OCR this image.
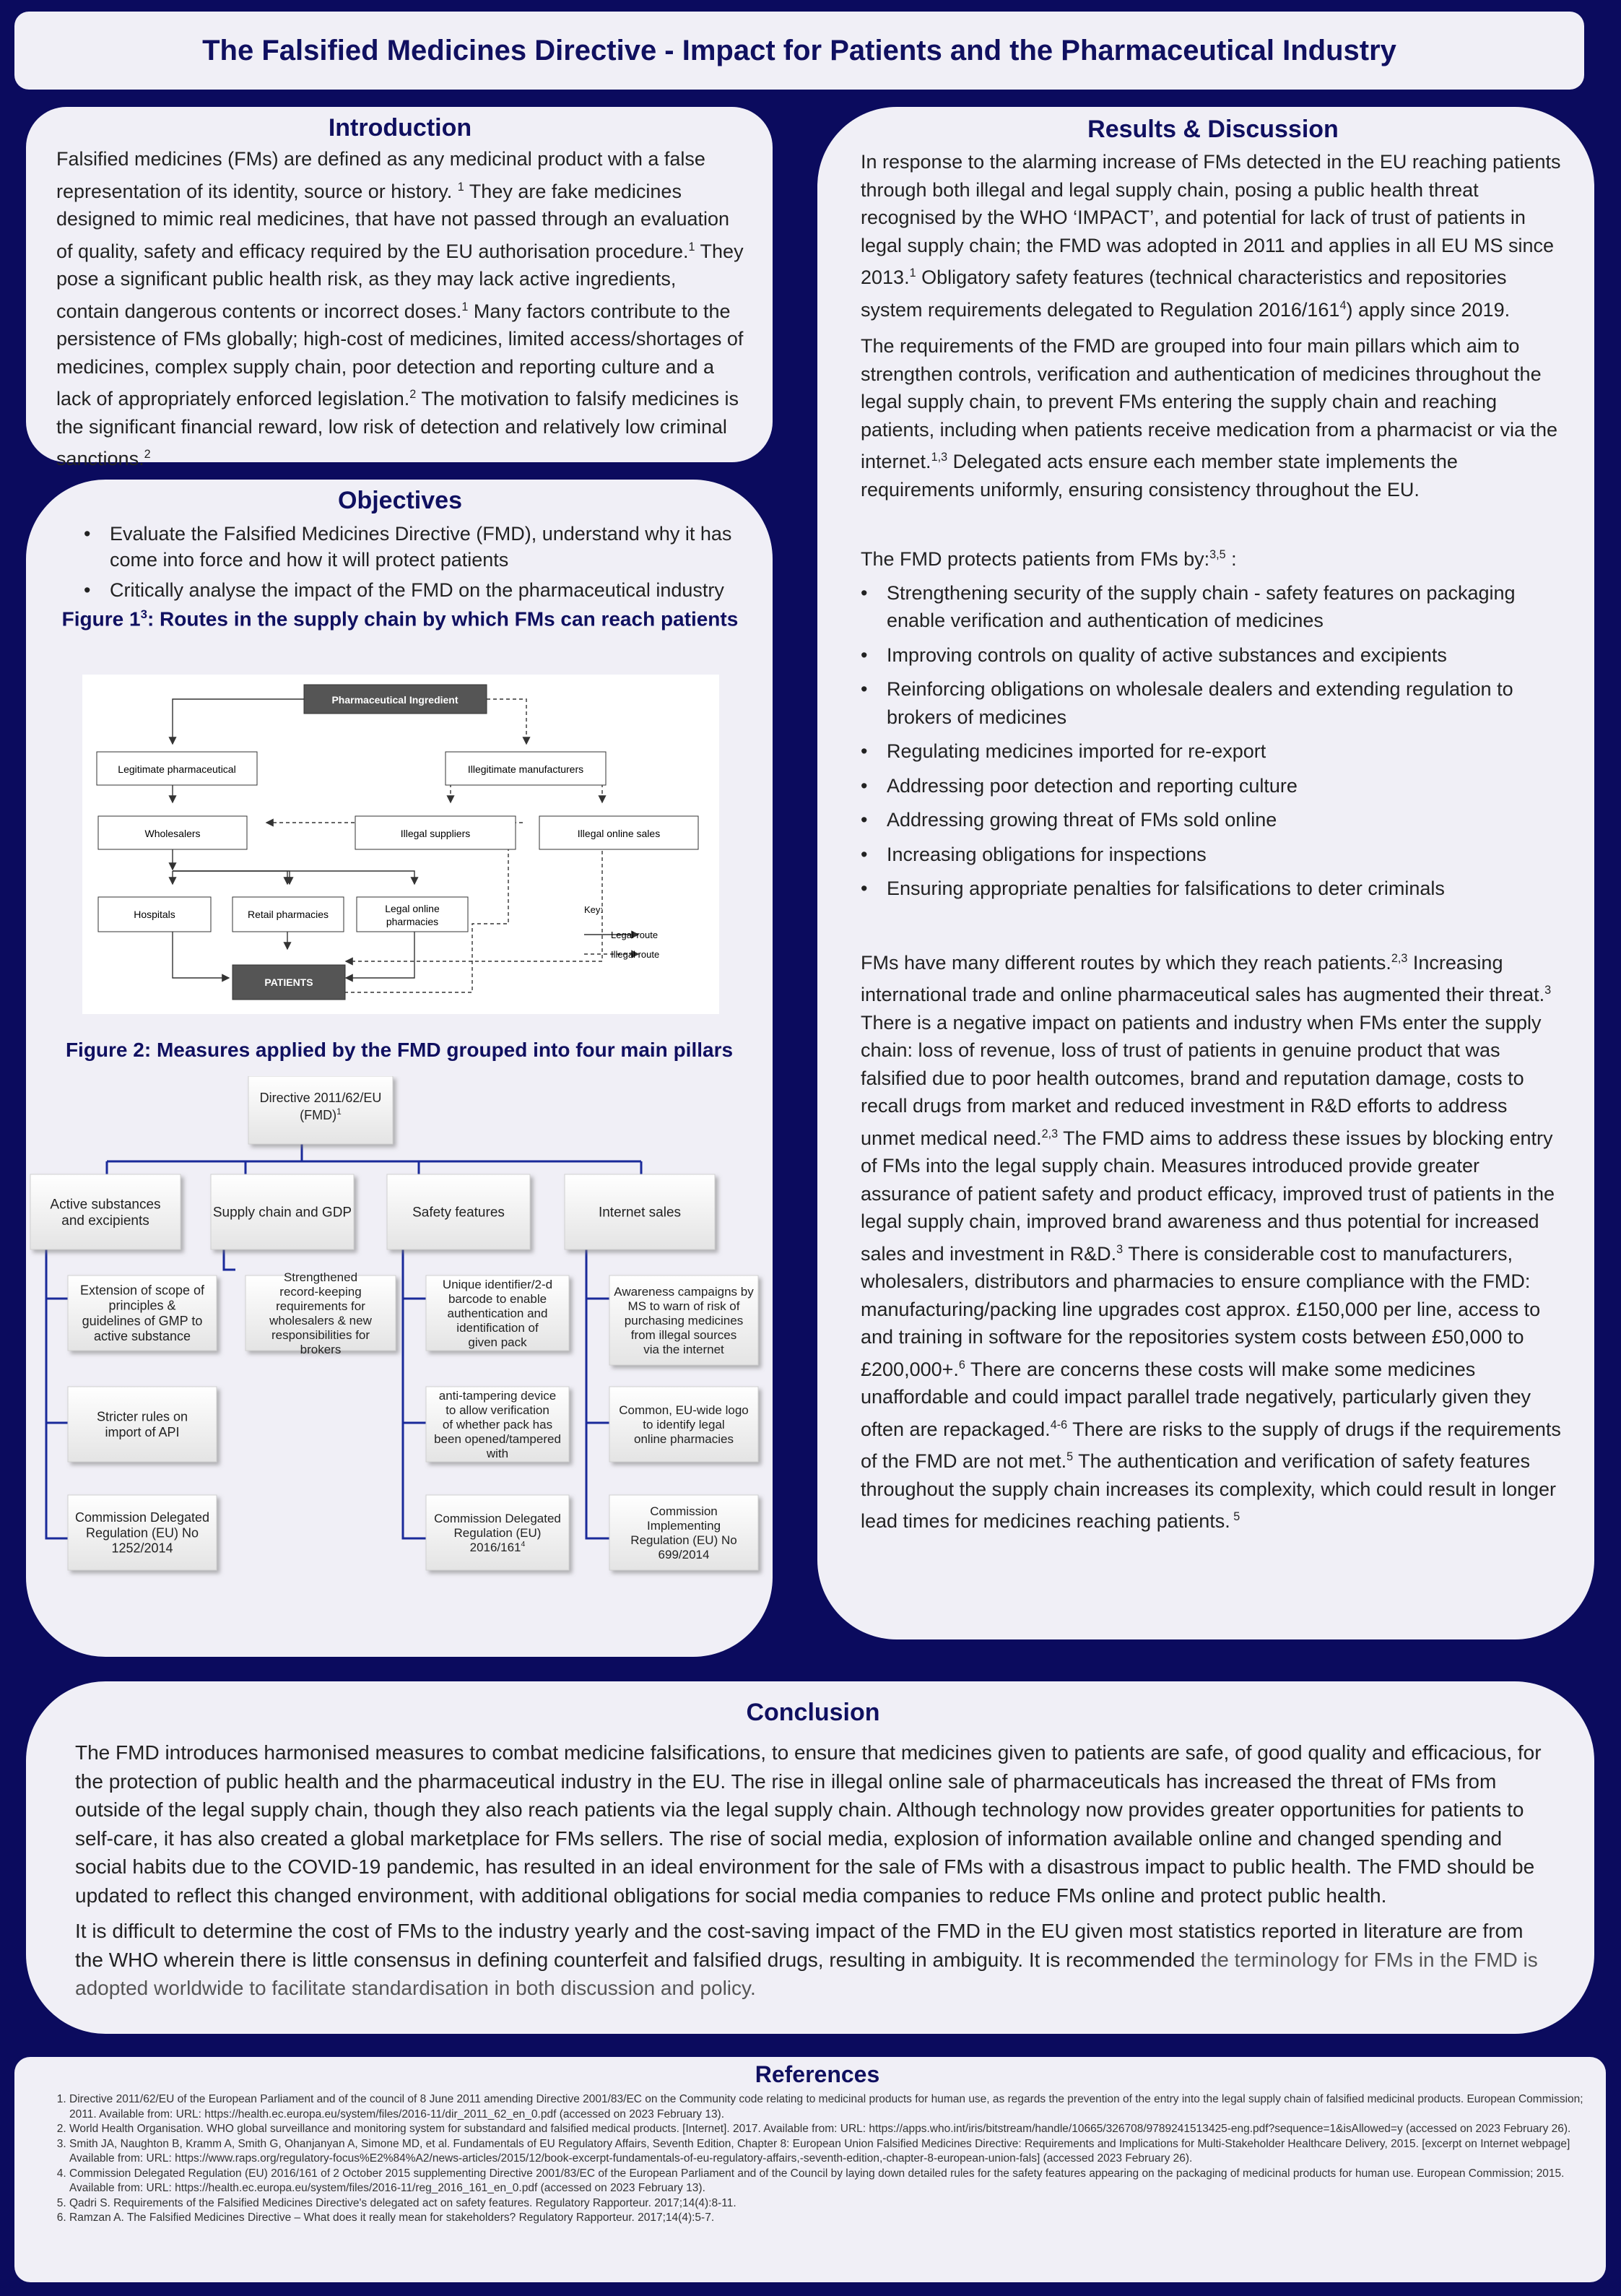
The Falsified Medicines Directive - Impact for Patients and the Pharmaceutical Industry
Introduction

Falsified medicines (FMs) are defined as any medicinal product with a false representation of its identity, source or history. $^1$ They are fake medicines designed to mimic real medicines, that have not passed through an evaluation of quality, safety and efficacy required by the EU authorisation procedure.$^1$ They pose a significant public health risk, as they may lack active ingredients, contain dangerous contents or incorrect doses.$^1$ Many factors contribute to the persistence of FMs globally; high-cost of medicines, limited access/shortages of medicines, complex supply chain, poor detection and reporting culture and a lack of appropriately enforced legislation.$^2$ The motivation to falsify medicines is the significant financial reward, low risk of detection and relatively low criminal sanctions.$^2$

Objectives
• Evaluate the Falsified Medicines Directive (FMD), understand why it has come into force and how it will protect patients
• Critically analyse the impact of the FMD on the pharmaceutical industry
Figure $1^3$: Routes in the supply chain by which FMs can reach patients
Figure 2: Measures applied by the FMD grouped into four main pillars
Pharmaceutical Ingredient
Legitimate pharmaceutical	Illegitimate manufacturers
Wholesalers	Illegal suppliers	Illegal online sales
Hospitals	Retail pharmacies	Legal online
pharmacies
PATIENTS
Key:
Legal route
Illegal route
Directive 2011/62/EU
(FMD)$^1$
Active substances and excipients
Supply chain and GDP	Safety features	Internet sales
Extension of scope of principles & guidelines of GMP to active substance
Stricter rules on import of API
Commission Delegated Regulation (EU) No 1252/2014
Strengthened record-keeping requirements for wholesalers & new responsibilities for brokers
Unique identifier/2-d barcode to enable authentication and identification of given pack
anti-tampering device to allow verification of whether pack has been opened/tampered with
Commission Delegated Regulation (EU) $2016/161^4$
Awareness campaigns by MS to warn of risk of purchasing medicines from illegal sources via the internet
Common, EU-wide logo to identify legal online pharmacies
Commission Implementing Regulation (EU) No 699/2014
Results & Discussion

In response to the alarming increase of FMs detected in the EU reaching patients through both illegal and legal supply chain, posing a public health threat recognised by the WHO ‘IMPACT’, and potential for lack of trust of patients in legal supply chain; the FMD was adopted in 2011 and applies in all EU MS since 2013.$^1$ Obligatory safety features (technical characteristics and repositories system requirements delegated to Regulation $2016/161^4$) apply since 2019.

The requirements of the FMD are grouped into four main pillars which aim to strengthen controls, verification and authentication of medicines throughout the legal supply chain, to prevent FMs entering the supply chain and reaching patients, including when patients receive medication from a pharmacist or via the internet.$^{1,3}$ Delegated acts ensure each member state implements the requirements uniformly, ensuring consistency throughout the EU.

The FMD protects patients from FMs by:$^{3,5}$ :

• Strengthening security of the supply chain - safety features on packaging enable verification and authentication of medicines
• Improving controls on quality of active substances and excipients
• Reinforcing obligations on wholesale dealers and extending regulation to brokers of medicines
• Regulating medicines imported for re-export
• Addressing poor detection and reporting culture
• Addressing growing threat of FMs sold online
• Increasing obligations for inspections
• Ensuring appropriate penalties for falsifications to deter criminals

FMs have many different routes by which they reach patients.$^{2,3}$ Increasing international trade and online pharmaceutical sales has augmented their threat.$^3$ There is a negative impact on patients and industry when FMs enter the supply chain: loss of revenue, loss of trust of patients in genuine product that was falsified due to poor health outcomes, brand and reputation damage, costs to recall drugs from market and reduced investment in R&D efforts to address unmet medical need.$^{2,3}$ The FMD aims to address these issues by blocking entry of FMs into the legal supply chain. Measures introduced provide greater assurance of patient safety and product efficacy, improved trust of patients in the legal supply chain, improved brand awareness and thus potential for increased sales and investment in R&D.$^3$ There is considerable cost to manufacturers, wholesalers, distributors and pharmacies to ensure compliance with the FMD: manufacturing/packing line upgrades cost approx. £150,000 per line, access to and training in software for the repositories system costs between £50,000 to £200,000+.$^6$ There are concerns these costs will make some medicines unaffordable and could impact parallel trade negatively, particularly given they often are repackaged.$^{4-6}$ There are risks to the supply of drugs if the requirements of the FMD are not met.$^5$ The authentication and verification of safety features throughout the supply chain increases its complexity, which could result in longer lead times for medicines reaching patients. $^5$

Conclusion

The FMD introduces harmonised measures to combat medicine falsifications, to ensure that medicines given to patients are safe, of good quality and efficacious, for the protection of public health and the pharmaceutical industry in the EU. The rise in illegal online sale of pharmaceuticals has increased the threat of FMs from outside of the legal supply chain, though they also reach patients via the legal supply chain. Although technology now provides greater opportunities for patients to self-care, it has also created a global marketplace for FMs sellers. The rise of social media, explosion of information available online and changed spending and social habits due to the COVID-19 pandemic, has resulted in an ideal environment for the sale of FMs with a disastrous impact to public health. The FMD should be updated to reflect this changed environment, with additional obligations for social media companies to reduce FMs online and protect public health.

It is difficult to determine the cost of FMs to the industry yearly and the cost-saving impact of the FMD in the EU given most statistics reported in literature are from the WHO wherein there is little consensus in defining counterfeit and falsified drugs, resulting in ambiguity. It is recommended the terminology for FMs in the FMD is adopted worldwide to facilitate standardisation in both discussion and policy.

References
1. Directive 2011/62/EU of the European Parliament and of the council of 8 June 2011 amending Directive 2001/83/EC on the Community code relating to medicinal products for human use, as regards the prevention of the entry into the legal supply chain of falsified medicinal products. European Commission; 2011. Available from: URL: https://health.ec.europa.eu/system/files/2016-11/dir_2011_62_en_0.pdf (accessed on 2023 February 13).
2. World Health Organisation. WHO global surveillance and monitoring system for substandard and falsified medical products. [Internet]. 2017. Available from: URL: https://apps.who.int/iris/bitstream/handle/10665/326708/9789241513425-eng.pdf?sequence=1&isAllowed=y (accessed on 2023 February 26).
3. Smith JA, Naughton B, Kramm A, Smith G, Ohanjanyan A, Simone MD, et al. Fundamentals of EU Regulatory Affairs, Seventh Edition, Chapter 8: European Union Falsified Medicines Directive: Requirements and Implications for Multi-Stakeholder Healthcare Delivery, 2015. [excerpt on Internet webpage] Available from: URL: https://www.raps.org/regulatory-focus%E2%84%A2/news-articles/2015/12/book-excerpt-fundamentals-of-eu-regulatory-affairs,-seventh-edition,-chapter-8-european-union-fals] (accessed 2023 February 26).
4. Commission Delegated Regulation (EU) 2016/161 of 2 October 2015 supplementing Directive 2001/83/EC of the European Parliament and of the Council by laying down detailed rules for the safety features appearing on the packaging of medicinal products for human use. European Commission; 2015. Available from: URL: https://health.ec.europa.eu/system/files/2016-11/reg_2016_161_en_0.pdf (accessed on 2023 February 13).
5. Qadri S. Requirements of the Falsified Medicines Directive's delegated act on safety features. Regulatory Rapporteur. 2017;14(4):8-11.
6. Ramzan A. The Falsified Medicines Directive – What does it really mean for stakeholders? Regulatory Rapporteur. 2017;14(4):5-7.
